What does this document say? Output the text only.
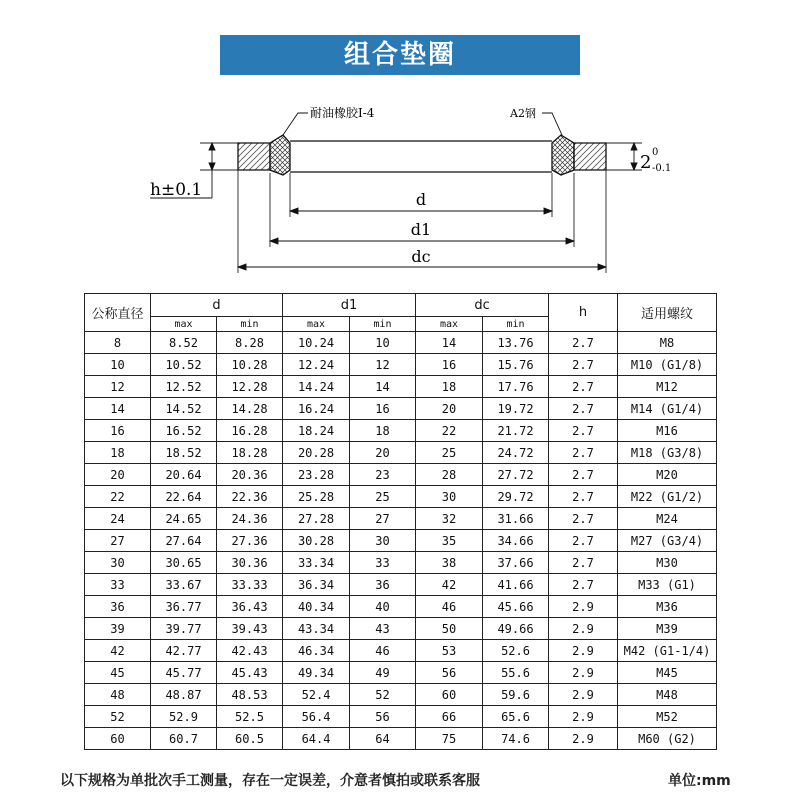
组合垫圈
耐油橡胶I-4	A2钢
h±0.1
2 0
-0.1
d
d1
dc
公称直径	d		d1		dc		h	适用螺纹
	max	min	max	min	max	min		
8	8.52	8.28	10.24	10	14	13.76	2.7	M8
10	10.52	10.28	12.24	12	16	15.76	2.7	M10 (G1/8)
12	12.52	12.28	14.24	14	18	17.76	2.7	M12
14	14.52	14.28	16.24	16	20	19.72	2.7	M14 (G1/4)
16	16.52	16.28	18.24	18	22	21.72	2.7	M16
18	18.52	18.28	20.28	20	25	24.72	2.7	M18 (G3/8)
20	20.64	20.36	23.28	23	28	27.72	2.7	M20
22	22.64	22.36	25.28	25	30	29.72	2.7	M22 (G1/2)
24	24.65	24.36	27.28	27	32	31.66	2.7	M24
27	27.64	27.36	30.28	30	35	34.66	2.7	M27 (G3/4)
30	30.65	30.36	33.34	33	38	37.66	2.7	M30
33	33.67	33.33	36.34	36	42	41.66	2.7	M33 (G1)
36	36.77	36.43	40.34	40	46	45.66	2.9	M36
39	39.77	39.43	43.34	43	50	49.66	2.9	M39
42	42.77	42.43	46.34	46	53	52.6	2.9	M42 (G1-1/4)
45	45.77	45.43	49.34	49	56	55.6	2.9	M45
48	48.87	48.53	52.4	52	60	59.6	2.9	M48
52	52.9	52.5	56.4	56	66	65.6	2.9	M52
60	60.7	60.5	64.4	64	75	74.6	2.9	M60 (G2)
以下规格为单批次手工测量，存在一定误差，介意者慎拍或联系客服	单位:mm
